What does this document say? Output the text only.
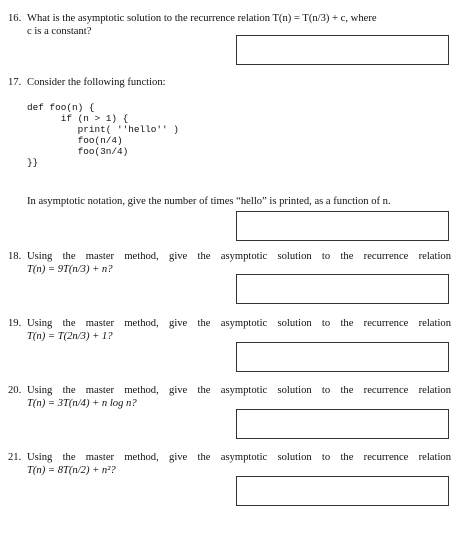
16. What is the asymptotic solution to the recurrence relation T(n) = T(n/3) + c, where
c is a constant?
17. Consider the following function:
def foo(n) {
if (n > 1) {
print( ''hello'' )
foo(n/4)
foo(3n/4)
}}
In asymptotic notation, give the number of times “hello” is printed, as a function of n.
18. Using the master method, give the asymptotic solution to the recurrence relation
T(n) = 9T(n/3) + n?
19. Using the master method, give the asymptotic solution to the recurrence relation
T(n) = T(2n/3) + 1?
20. Using the master method, give the asymptotic solution to the recurrence relation
T(n) = 3T(n/4) + n log n?
21. Using the master method, give the asymptotic solution to the recurrence relation
T(n) = 8T(n/2) + n²?
